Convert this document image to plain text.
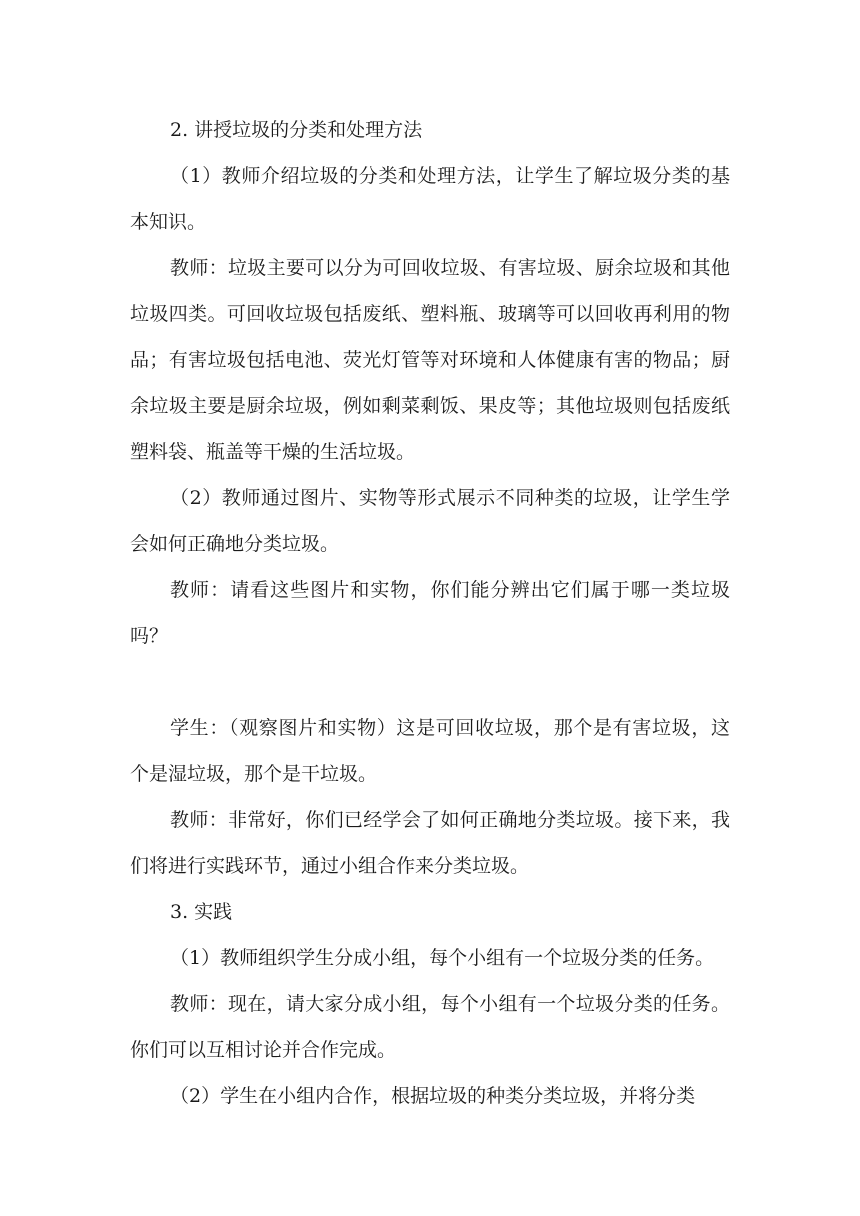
2. 讲授垃圾的分类和处理方法

（1）教师介绍垃圾的分类和处理方法，让学生了解垃圾分类的基本知识。

教师：垃圾主要可以分为可回收垃圾、有害垃圾、厨余垃圾和其他垃圾四类。可回收垃圾包括废纸、塑料瓶、玻璃等可以回收再利用的物品；有害垃圾包括电池、荧光灯管等对环境和人体健康有害的物品；厨余垃圾主要是厨余垃圾，例如剩菜剩饭、果皮等；其他垃圾则包括废纸塑料袋、瓶盖等干燥的生活垃圾。

（2）教师通过图片、实物等形式展示不同种类的垃圾，让学生学会如何正确地分类垃圾。

教师：请看这些图片和实物，你们能分辨出它们属于哪一类垃圾吗？

学生：（观察图片和实物）这是可回收垃圾，那个是有害垃圾，这个是湿垃圾，那个是干垃圾。

教师：非常好，你们已经学会了如何正确地分类垃圾。接下来，我们将进行实践环节，通过小组合作来分类垃圾。

3. 实践

（1）教师组织学生分成小组，每个小组有一个垃圾分类的任务。

教师：现在，请大家分成小组，每个小组有一个垃圾分类的任务。你们可以互相讨论并合作完成。

（2）学生在小组内合作，根据垃圾的种类分类垃圾，并将分类
